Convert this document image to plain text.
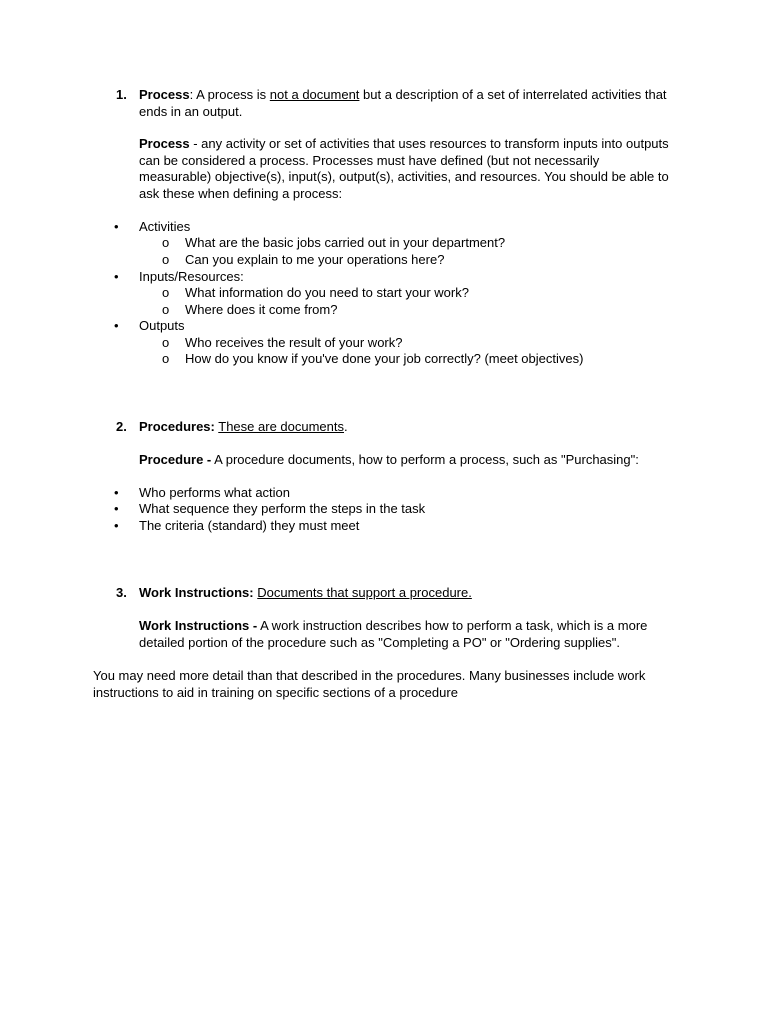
1. Process: A process is not a document but a description of a set of interrelated activities that ends in an output.
Process - any activity or set of activities that uses resources to transform inputs into outputs can be considered a process. Processes must have defined (but not necessarily measurable) objective(s), input(s), output(s), activities, and resources. You should be able to ask these when defining a process:
• Activities
o What are the basic jobs carried out in your department?
o Can you explain to me your operations here?
• Inputs/Resources:
o What information do you need to start your work?
o Where does it come from?
• Outputs
o Who receives the result of your work?
o How do you know if you've done your job correctly? (meet objectives)
2. Procedures: These are documents.
Procedure - A procedure documents, how to perform a process, such as "Purchasing":
• Who performs what action
• What sequence they perform the steps in the task
• The criteria (standard) they must meet
3. Work Instructions: Documents that support a procedure.
Work Instructions - A work instruction describes how to perform a task, which is a more detailed portion of the procedure such as "Completing a PO" or "Ordering supplies".
You may need more detail than that described in the procedures. Many businesses include work instructions to aid in training on specific sections of a procedure
